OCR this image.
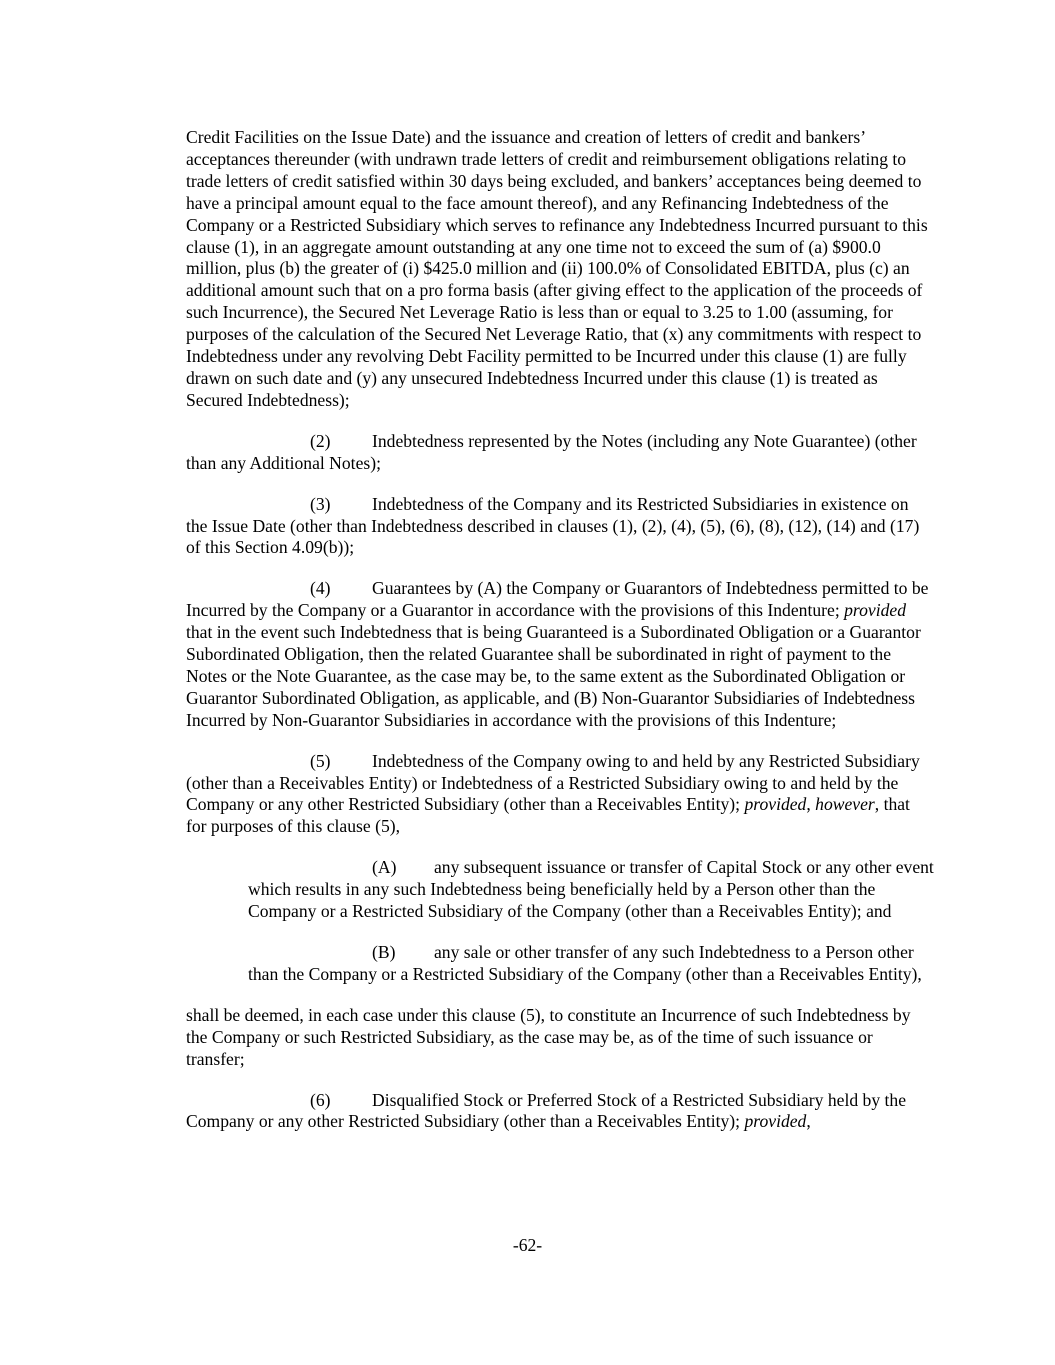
Credit Facilities on the Issue Date) and the issuance and creation of letters of credit and bankers’ acceptances thereunder (with undrawn trade letters of credit and reimbursement obligations relating to trade letters of credit satisfied within 30 days being excluded, and bankers’ acceptances being deemed to have a principal amount equal to the face amount thereof), and any Refinancing Indebtedness of the Company or a Restricted Subsidiary which serves to refinance any Indebtedness Incurred pursuant to this clause (1), in an aggregate amount outstanding at any one time not to exceed the sum of (a) $900.0 million, plus (b) the greater of (i) $425.0 million and (ii) 100.0% of Consolidated EBITDA, plus (c) an additional amount such that on a pro forma basis (after giving effect to the application of the proceeds of such Incurrence), the Secured Net Leverage Ratio is less than or equal to 3.25 to 1.00 (assuming, for purposes of the calculation of the Secured Net Leverage Ratio, that (x) any commitments with respect to Indebtedness under any revolving Debt Facility permitted to be Incurred under this clause (1) are fully drawn on such date and (y) any unsecured Indebtedness Incurred under this clause (1) is treated as Secured Indebtedness);

(2) Indebtedness represented by the Notes (including any Note Guarantee) (other than any Additional Notes);

(3) Indebtedness of the Company and its Restricted Subsidiaries in existence on the Issue Date (other than Indebtedness described in clauses (1), (2), (4), (5), (6), (8), (12), (14) and (17) of this Section 4.09(b));

(4) Guarantees by (A) the Company or Guarantors of Indebtedness permitted to be Incurred by the Company or a Guarantor in accordance with the provisions of this Indenture; provided that in the event such Indebtedness that is being Guaranteed is a Subordinated Obligation or a Guarantor Subordinated Obligation, then the related Guarantee shall be subordinated in right of payment to the Notes or the Note Guarantee, as the case may be, to the same extent as the Subordinated Obligation or Guarantor Subordinated Obligation, as applicable, and (B) Non-Guarantor Subsidiaries of Indebtedness Incurred by Non-Guarantor Subsidiaries in accordance with the provisions of this Indenture;

(5) Indebtedness of the Company owing to and held by any Restricted Subsidiary (other than a Receivables Entity) or Indebtedness of a Restricted Subsidiary owing to and held by the Company or any other Restricted Subsidiary (other than a Receivables Entity); provided, however, that for purposes of this clause (5),

(A) any subsequent issuance or transfer of Capital Stock or any other event which results in any such Indebtedness being beneficially held by a Person other than the Company or a Restricted Subsidiary of the Company (other than a Receivables Entity); and

(B) any sale or other transfer of any such Indebtedness to a Person other than the Company or a Restricted Subsidiary of the Company (other than a Receivables Entity),

shall be deemed, in each case under this clause (5), to constitute an Incurrence of such Indebtedness by the Company or such Restricted Subsidiary, as the case may be, as of the time of such issuance or transfer;

(6) Disqualified Stock or Preferred Stock of a Restricted Subsidiary held by the Company or any other Restricted Subsidiary (other than a Receivables Entity); provided,

-62-
